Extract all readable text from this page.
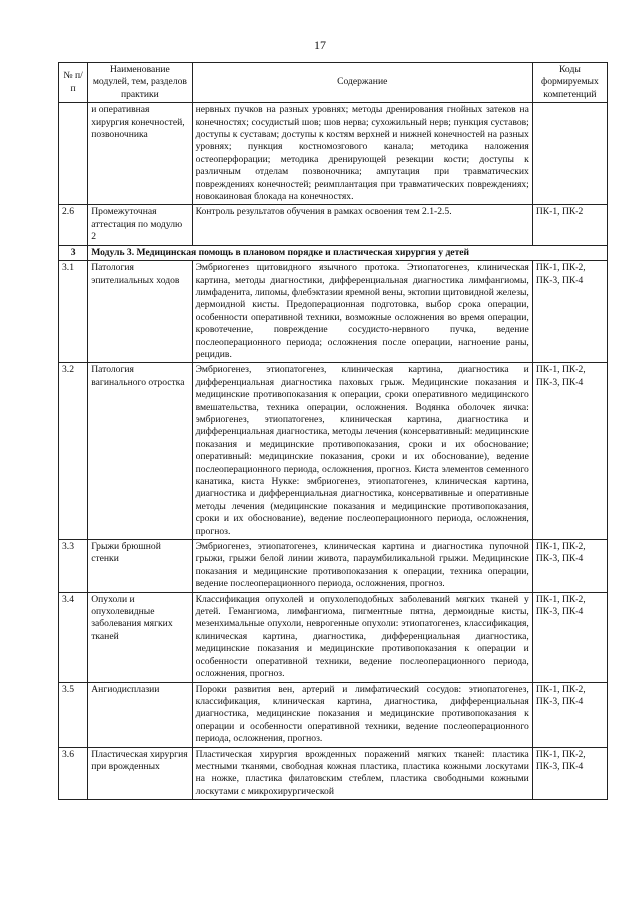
17
№ п/п	Наименование модулей, тем, разделов практики	Содержание	Коды формируемых компетенций
	и оперативная хирургия конечностей, позвоночника	нервных пучков на разных уровнях; методы дренирования гнойных затеков на конечностях; сосудистый шов; шов нерва; сухожильный нерв; пункция суставов; доступы к суставам; доступы к костям верхней и нижней конечностей на разных уровнях; пункция костномозгового канала; методика наложения остеоперфорации; методика дренирующей резекции кости; доступы к различным отделам позвоночника; ампутация при травматических повреждениях конечностей; реимплантация при травматических повреждениях; новокаиновая блокада на конечностях.	
2.6	Промежуточная аттестация по модулю 2	Контроль результатов обучения в рамках освоения тем 2.1-2.5.	ПК-1, ПК-2
3	Модуль 3. Медицинская помощь в плановом порядке и пластическая хирургия у детей		
3.1	Патология эпителиальных ходов	Эмбриогенез щитовидного язычного протока. Этиопатогенез, клиническая картина, методы диагностики, дифференциальная диагностика лимфангиомы, лимфаденита, липомы, флебэктазии яремной вены, эктопии щитовидной железы, дермоидной кисты. Предоперационная подготовка, выбор срока операции, особенности оперативной техники, возможные осложнения во время операции, кровотечение, повреждение сосудисто-нервного пучка, ведение послеоперационного периода; осложнения после операции, нагноение раны, рецидив.	ПК-1, ПК-2, ПК-3, ПК-4
3.2	Патология вагинального отростка	Эмбриогенез, этиопатогенез, клиническая картина, диагностика и дифференциальная диагностика паховых грыж. Медицинские показания и медицинские противопоказания к операции, сроки оперативного медицинского вмешательства, техника операции, осложнения. Водянка оболочек яичка: эмбриогенез, этиопатогенез, клиническая картина, диагностика и дифференциальная диагностика, методы лечения (консервативный: медицинские показания и медицинские противопоказания, сроки и их обоснование; оперативный: медицинские показания, сроки и их обоснование), ведение послеоперационного периода, осложнения, прогноз. Киста элементов семенного канатика, киста Нукке: эмбриогенез, этиопатогенез, клиническая картина, диагностика и дифференциальная диагностика, консервативные и оперативные методы лечения (медицинские показания и медицинские противопоказания, сроки и их обоснование), ведение послеоперационного периода, осложнения, прогноз.	ПК-1, ПК-2, ПК-3, ПК-4
3.3	Грыжи брюшной стенки	Эмбриогенез, этиопатогенез, клиническая картина и диагностика пупочной грыжи, грыжи белой линии живота, параумбиликальной грыжи. Медицинские показания и медицинские противопоказания к операции, техника операции, ведение послеоперационного периода, осложнения, прогноз.	ПК-1, ПК-2, ПК-3, ПК-4
3.4	Опухоли и опухолевидные заболевания мягких тканей	Классификация опухолей и опухолеподобных заболеваний мягких тканей у детей. Гемангиома, лимфангиома, пигментные пятна, дермоидные кисты, мезенхимальные опухоли, неврогенные опухоли: этиопатогенез, классификация, клиническая картина, диагностика, дифференциальная диагностика, медицинские показания и медицинские противопоказания к операции и особенности оперативной техники, ведение послеоперационного периода, осложнения, прогноз.	ПК-1, ПК-2, ПК-3, ПК-4
3.5	Ангиодисплазии	Пороки развития вен, артерий и лимфатический сосудов: этиопатогенез, классификация, клиническая картина, диагностика, дифференциальная диагностика, медицинские показания и медицинские противопоказания к операции и особенности оперативной техники, ведение послеоперационного периода, осложнения, прогноз.	ПК-1, ПК-2, ПК-3, ПК-4
3.6	Пластическая хирургия при врожденных	Пластическая хирургия врожденных поражений мягких тканей: пластика местными тканями, свободная кожная пластика, пластика кожными лоскутами на ножке, пластика филатовским стеблем, пластика свободными кожными лоскутами с микрохирургической	ПК-1, ПК-2, ПК-3, ПК-4
